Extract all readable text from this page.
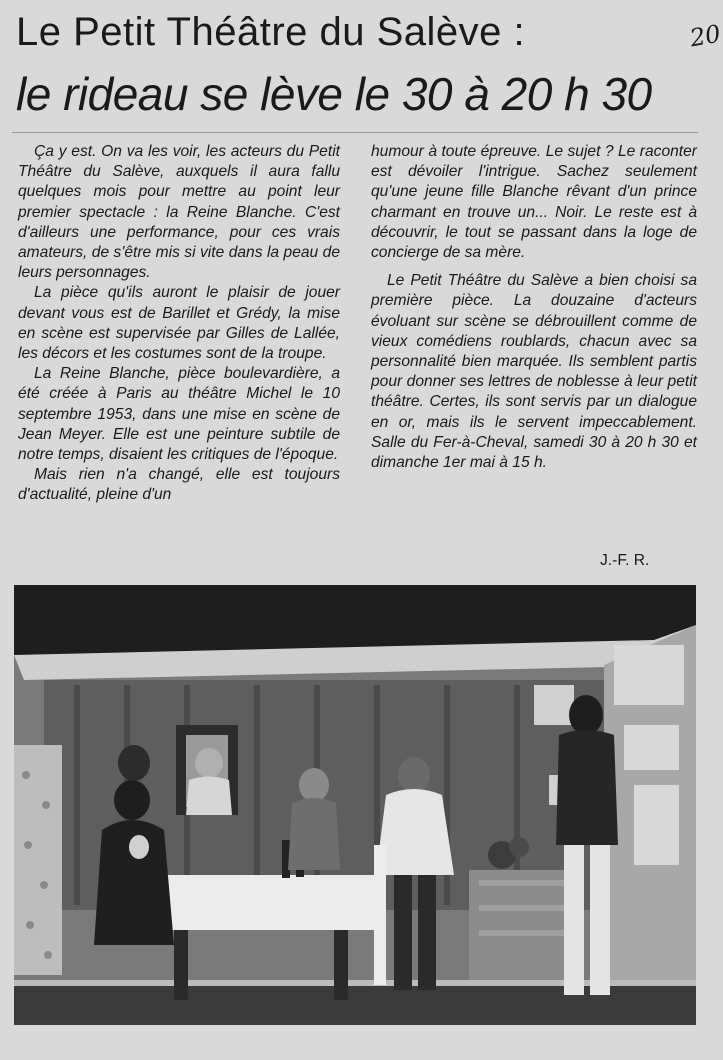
Le Petit Théâtre du Salève :	20
le rideau se lève le 30 à 20 h 30

Ça y est. On va les voir, les acteurs du Petit Théâtre du Salève, auxquels il aura fallu quelques mois pour mettre au point leur premier spectacle : la Reine Blanche. C'est d'ailleurs une performance, pour ces vrais amateurs, de s'être mis si vite dans la peau de leurs personnages.

La pièce qu'ils auront le plaisir de jouer devant vous est de Barillet et Grédy, la mise en scène est supervisée par Gilles de Lallée, les décors et les costumes sont de la troupe.

La Reine Blanche, pièce boulevardière, a été créée à Paris au théâtre Michel le 10 septembre 1953, dans une mise en scène de Jean Meyer. Elle est une peinture subtile de notre temps, disaient les critiques de l'époque.

Mais rien n'a changé, elle est toujours d'actualité, pleine d'un

humour à toute épreuve. Le sujet ? Le raconter est dévoiler l'intrigue. Sachez seulement qu'une jeune fille Blanche rêvant d'un prince charmant en trouve un... Noir. Le reste est à découvrir, le tout se passant dans la loge de concierge de sa mère.

Le Petit Théâtre du Salève a bien choisi sa première pièce. La douzaine d'acteurs évoluant sur scène se débrouillent comme de vieux comédiens roublards, chacun avec sa personnalité bien marquée. Ils semblent partis pour donner ses lettres de noblesse à leur petit théâtre. Certes, ils sont servis par un dialogue en or, mais ils le servent impeccablement. Salle du Fer-à-Cheval, samedi 30 à 20 h 30 et dimanche 1er mai à 15 h.

J.-F. R.
